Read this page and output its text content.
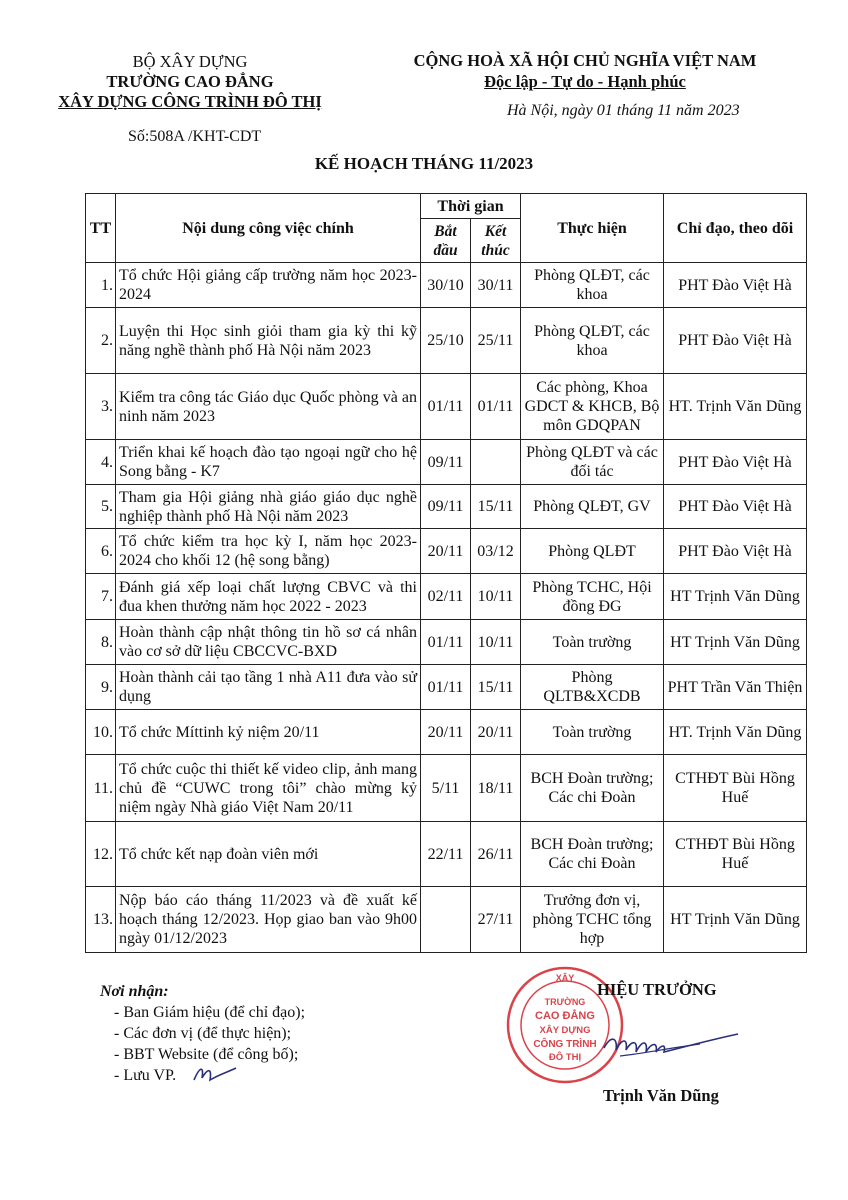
BỘ XÂY DỰNG
TRƯỜNG CAO ĐẲNG
XÂY DỰNG CÔNG TRÌNH ĐÔ THỊ
Số:508A /KHT-CDT
CỘNG HOÀ XÃ HỘI CHỦ NGHĨA VIỆT NAM
Độc lập - Tự do - Hạnh phúc
Hà Nội, ngày 01 tháng 11 năm 2023
KẾ HOẠCH THÁNG 11/2023
TT	Nội dung công việc chính	Thời gian		Thực hiện	Chỉ đạo, theo dõi
		Bắt đầu	Kết thúc		
1.	Tổ chức Hội giảng cấp trường năm học 2023-2024	30/10	30/11	Phòng QLĐT, các khoa	PHT Đào Việt Hà
2.	Luyện thi Học sinh giỏi tham gia kỳ thi kỹ năng nghề thành phố Hà Nội năm 2023	25/10	25/11	Phòng QLĐT, các khoa	PHT Đào Việt Hà
3.	Kiểm tra công tác Giáo dục Quốc phòng và an ninh năm 2023	01/11	01/11	Các phòng, Khoa GDCT & KHCB, Bộ môn GDQPAN	HT. Trịnh Văn Dũng
4.	Triển khai kế hoạch đào tạo ngoại ngữ cho hệ Song bằng - K7	09/11		Phòng QLĐT và các đối tác	PHT Đào Việt Hà
5.	Tham gia Hội giảng nhà giáo giáo dục nghề nghiệp thành phố Hà Nội năm 2023	09/11	15/11	Phòng QLĐT, GV	PHT Đào Việt Hà
6.	Tổ chức kiểm tra học kỳ I, năm học 2023-2024 cho khối 12 (hệ song bằng)	20/11	03/12	Phòng QLĐT	PHT Đào Việt Hà
7.	Đánh giá xếp loại chất lượng CBVC và thi đua khen thưởng năm học 2022 - 2023	02/11	10/11	Phòng TCHC, Hội đồng ĐG	HT Trịnh Văn Dũng
8.	Hoàn thành cập nhật thông tin hồ sơ cá nhân vào cơ sở dữ liệu CBCCVC-BXD	01/11	10/11	Toàn trường	HT Trịnh Văn Dũng
9.	Hoàn thành cải tạo tầng 1 nhà A11 đưa vào sử dụng	01/11	15/11	Phòng QLTB&XCDB	PHT Trần Văn Thiện
10.	Tổ chức Míttinh kỷ niệm 20/11	20/11	20/11	Toàn trường	HT. Trịnh Văn Dũng
11.	Tổ chức cuộc thi thiết kế video clip, ảnh mang chủ đề “CUWC trong tôi” chào mừng kỷ niệm ngày Nhà giáo Việt Nam 20/11	5/11	18/11	BCH Đoàn trường; Các chi Đoàn	CTHĐT Bùi Hồng Huế
12.	Tổ chức kết nạp đoàn viên mới	22/11	26/11	BCH Đoàn trường; Các chi Đoàn	CTHĐT Bùi Hồng Huế
13.	Nộp báo cáo tháng 11/2023 và đề xuất kế hoạch tháng 12/2023. Họp giao ban vào 9h00 ngày 01/12/2023		27/11	Trưởng đơn vị, phòng TCHC tổng hợp	HT Trịnh Văn Dũng
Nơi nhận:
- Ban Giám hiệu (để chỉ đạo);
- Các đơn vị (để thực hiện);
- BBT Website (để công bố);
- Lưu VP.
XÂY
TRƯỜNG
CAO ĐẲNG
XÂY DỰNG
CÔNG TRÌNH
ĐÔ THỊ
HIỆU TRƯỞNG
Trịnh Văn Dũng
